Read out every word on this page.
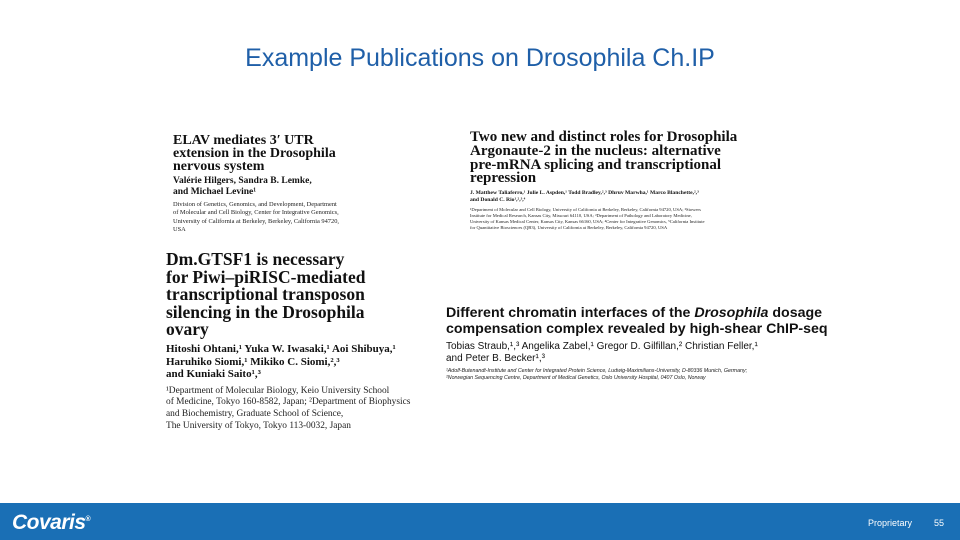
Example Publications on Drosophila Ch.IP
ELAV mediates 3′ UTR
extension in the Drosophila
nervous system
Valérie Hilgers, Sandra B. Lemke,
and Michael Levine¹
Division of Genetics, Genomics, and Development, Department
of Molecular and Cell Biology, Center for Integrative Genomics,
University of California at Berkeley, Berkeley, California 94720,
USA
Dm.GTSF1 is necessary
for Piwi–piRISC-mediated
transcriptional transposon
silencing in the Drosophila
ovary
Hitoshi Ohtani,¹ Yuka W. Iwasaki,¹ Aoi Shibuya,¹
Haruhiko Siomi,¹ Mikiko C. Siomi,²,³
and Kuniaki Saito¹,³
¹Department of Molecular Biology, Keio University School
of Medicine, Tokyo 160-8582, Japan; ²Department of Biophysics
and Biochemistry, Graduate School of Science,
The University of Tokyo, Tokyo 113-0032, Japan
Two new and distinct roles for Drosophila
Argonaute-2 in the nucleus: alternative
pre-mRNA splicing and transcriptional
repression
J. Matthew Taliaferro,¹ Julie L. Aspden,¹ Todd Bradley,²,³ Dhruv Marwha,¹ Marco Blanchette,²,³
and Donald C. Rio¹,²,³,⁴
¹Department of Molecular and Cell Biology, University of California at Berkeley, Berkeley, California 94720, USA; ²Stowers
Institute for Medical Research, Kansas City, Missouri 64110, USA; ³Department of Pathology and Laboratory Medicine,
University of Kansas Medical Center, Kansas City, Kansas 66160, USA; ⁴Center for Integrative Genomics, ⁵California Institute
for Quantitative Biosciences (QB3), University of California at Berkeley, Berkeley, California 94720, USA
Different chromatin interfaces of the Drosophila dosage
compensation complex revealed by high-shear ChIP-seq
Tobias Straub,¹,³ Angelika Zabel,¹ Gregor D. Gilfillan,² Christian Feller,¹
and Peter B. Becker¹,³
¹Adolf-Butenandt-Institute and Center for Integrated Protein Science, Ludwig-Maximilians-University, D-80336 Munich, Germany;
²Norwegian Sequencing Centre, Department of Medical Genetics, Oslo University Hospital, 0407 Oslo, Norway
Covaris®	Proprietary 55
